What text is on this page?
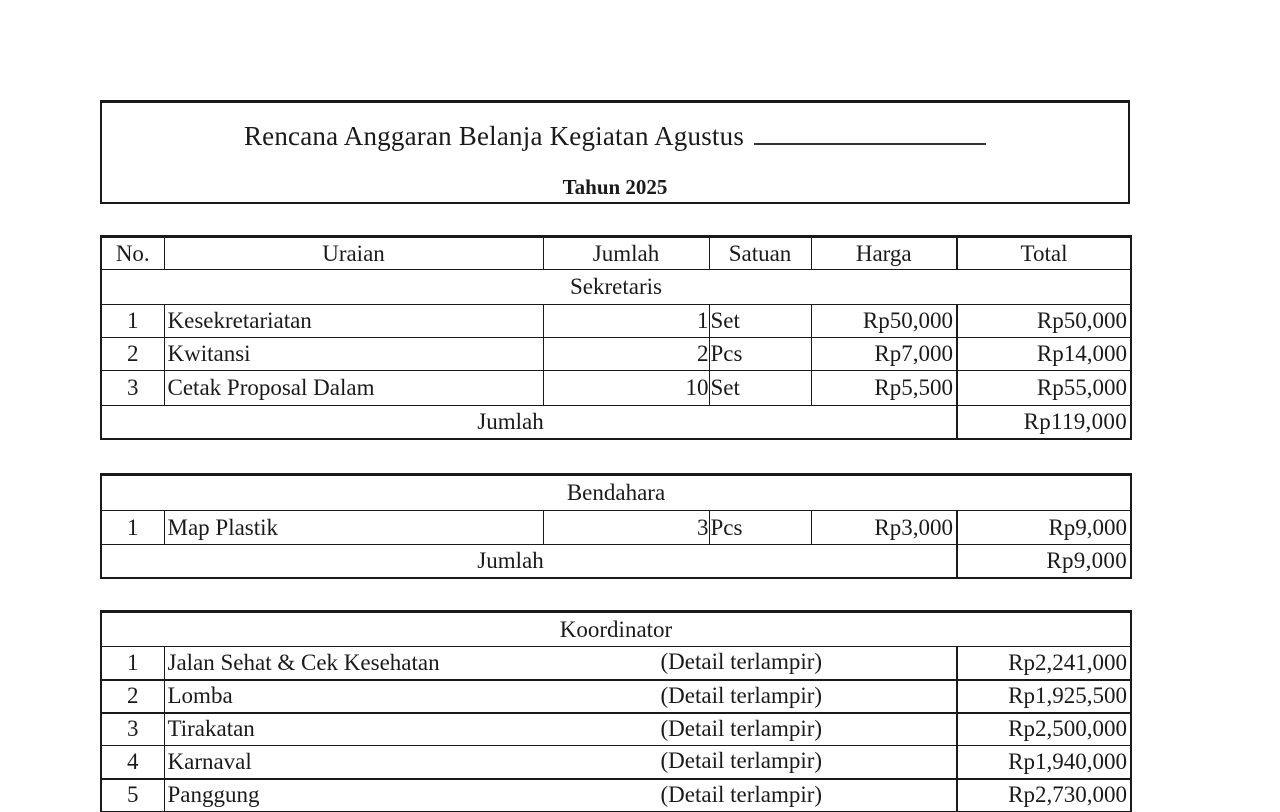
Rencana Anggaran Belanja Kegiatan Agustus
Tahun 2025
No.	Uraian	Jumlah	Satuan	Harga	Total
Sekretaris					
1	Kesekretariatan	1	Set	Rp50,000	Rp50,000
2	Kwitansi	2	Pcs	Rp7,000	Rp14,000
3	Cetak Proposal Dalam	10	Set	Rp5,500	Rp55,000
Jumlah					Rp119,000
Bendahara					
1	Map Plastik	3	Pcs	Rp3,000	Rp9,000
Jumlah					Rp9,000
Koordinator		
1	Jalan Sehat & Cek Kesehatan (Detail terlampir)	Rp2,241,000
2	Lomba (Detail terlampir)	Rp1,925,500
3	Tirakatan (Detail terlampir)	Rp2,500,000
4	Karnaval (Detail terlampir)	Rp1,940,000
5	Panggung (Detail terlampir)	Rp2,730,000
